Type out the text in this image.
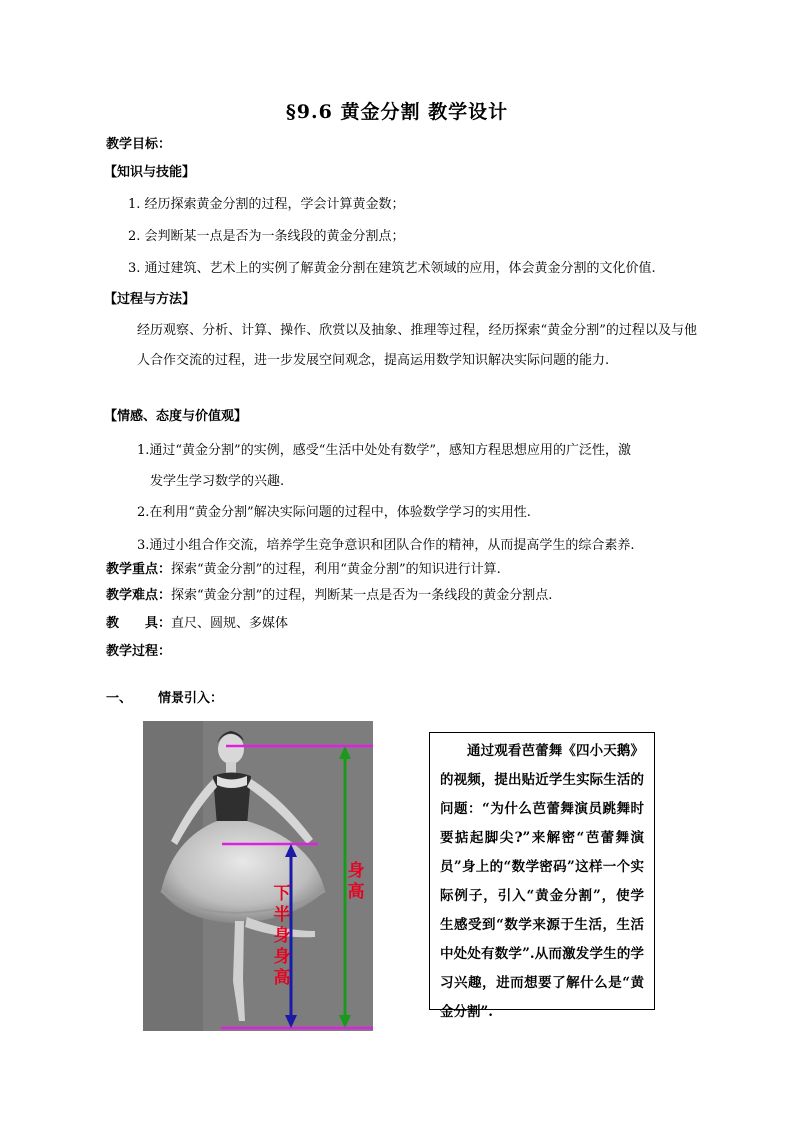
§9.6 黄金分割 教学设计
教学目标：
【知识与技能】
1. 经历探索黄金分割的过程，学会计算黄金数；
2. 会判断某一点是否为一条线段的黄金分割点；
3. 通过建筑、艺术上的实例了解黄金分割在建筑艺术领域的应用，体会黄金分割的文化价值.
【过程与方法】
经历观察、分析、计算、操作、欣赏以及抽象、推理等过程，经历探索“黄金分割”的过程以及与他人合作交流的过程，进一步发展空间观念，提高运用数学知识解决实际问题的能力.
【情感、态度与价值观】
1.通过“黄金分割”的实例，感受“生活中处处有数学”，感知方程思想应用的广泛性，激
发学生学习数学的兴趣.
2.在利用“黄金分割”解决实际问题的过程中，体验数学学习的实用性.
3.通过小组合作交流，培养学生竞争意识和团队合作的精神，从而提高学生的综合素养.
教学重点：探索“黄金分割”的过程，利用“黄金分割”的知识进行计算.
教学难点：探索“黄金分割”的过程，判断某一点是否为一条线段的黄金分割点.
教　　具：直尺、圆规、多媒体
教学过程：
一、 情景引入：
身高
下半身身高

通过观看芭蕾舞《四小天鹅》的视频，提出贴近学生实际生活的问题：“为什么芭蕾舞演员跳舞时要掂起脚尖?”来解密“芭蕾舞演员”身上的“数学密码”这样一个实际例子，引入“黄金分割”，使学生感受到“数学来源于生活，生活中处处有数学”.从而激发学生的学习兴趣，进而想要了解什么是“黄金分割”.
